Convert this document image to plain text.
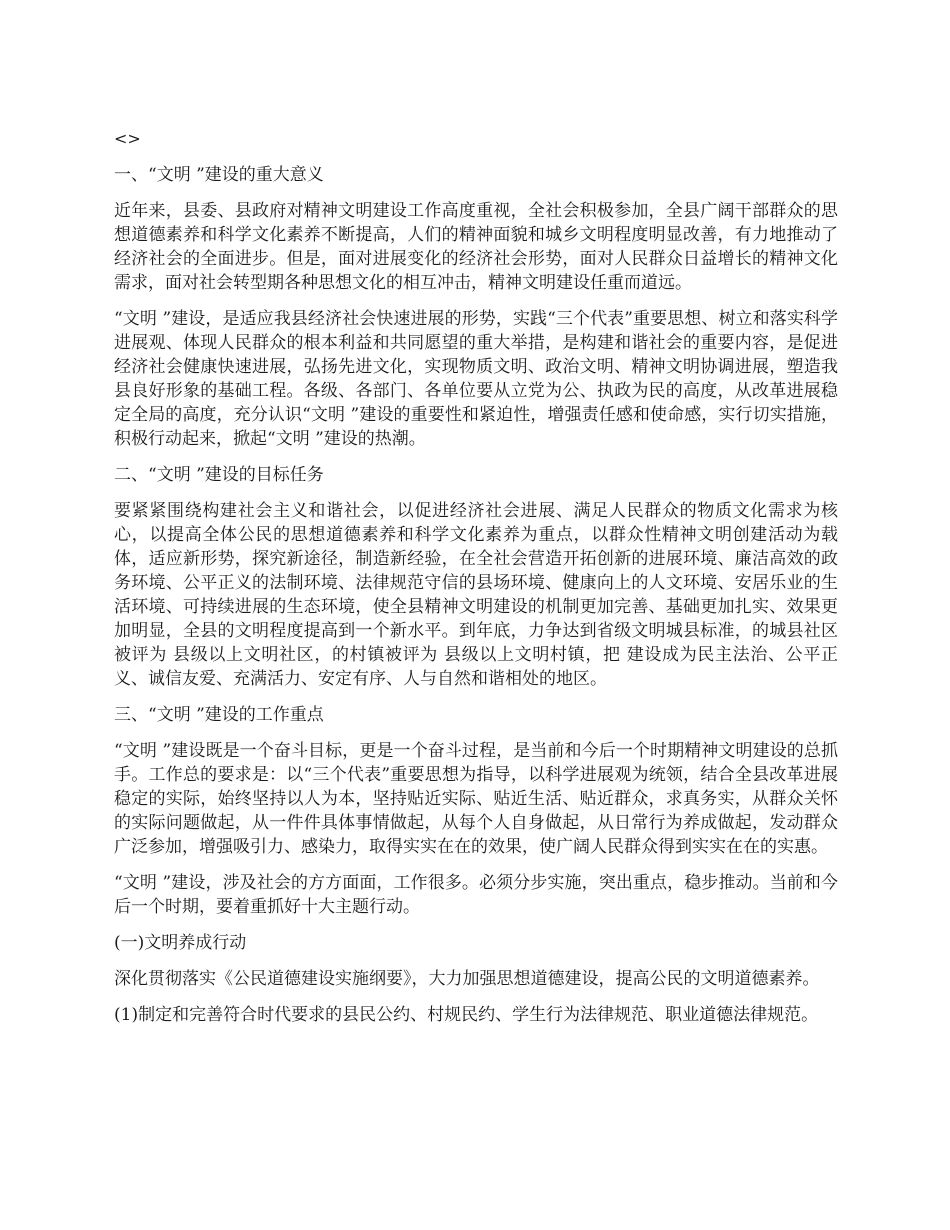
<>
一、“文明 ”建设的重大意义
近年来，县委、县政府对精神文明建设工作高度重视，全社会积极参加，全县广阔干部群众的思想道德素养和科学文化素养不断提高，人们的精神面貌和城乡文明程度明显改善，有力地推动了经济社会的全面进步。但是，面对进展变化的经济社会形势，面对人民群众日益增长的精神文化需求，面对社会转型期各种思想文化的相互冲击，精神文明建设任重而道远。
“文明 ”建设，是适应我县经济社会快速进展的形势，实践“三个代表”重要思想、树立和落实科学进展观、体现人民群众的根本利益和共同愿望的重大举措，是构建和谐社会的重要内容，是促进经济社会健康快速进展，弘扬先进文化，实现物质文明、政治文明、精神文明协调进展，塑造我县良好形象的基础工程。各级、各部门、各单位要从立党为公、执政为民的高度，从改革进展稳定全局的高度，充分认识“文明 ”建设的重要性和紧迫性，增强责任感和使命感，实行切实措施，积极行动起来，掀起“文明 ”建设的热潮。
二、“文明 ”建设的目标任务
要紧紧围绕构建社会主义和谐社会，以促进经济社会进展、满足人民群众的物质文化需求为核心，以提高全体公民的思想道德素养和科学文化素养为重点，以群众性精神文明创建活动为载体，适应新形势，探究新途径，制造新经验，在全社会营造开拓创新的进展环境、廉洁高效的政务环境、公平正义的法制环境、法律规范守信的县场环境、健康向上的人文环境、安居乐业的生活环境、可持续进展的生态环境，使全县精神文明建设的机制更加完善、基础更加扎实、效果更加明显，全县的文明程度提高到一个新水平。到年底，力争达到省级文明城县标准，的城县社区被评为 县级以上文明社区，的村镇被评为 县级以上文明村镇，把 建设成为民主法治、公平正义、诚信友爱、充满活力、安定有序、人与自然和谐相处的地区。
三、“文明 ”建设的工作重点
“文明 ”建设既是一个奋斗目标，更是一个奋斗过程，是当前和今后一个时期精神文明建设的总抓手。工作总的要求是：以“三个代表”重要思想为指导，以科学进展观为统领，结合全县改革进展稳定的实际，始终坚持以人为本，坚持贴近实际、贴近生活、贴近群众，求真务实，从群众关怀的实际问题做起，从一件件具体事情做起，从每个人自身做起，从日常行为养成做起，发动群众广泛参加，增强吸引力、感染力，取得实实在在的效果，使广阔人民群众得到实实在在的实惠。
“文明 ”建设，涉及社会的方方面面，工作很多。必须分步实施，突出重点，稳步推动。当前和今后一个时期，要着重抓好十大主题行动。
(一)文明养成行动
深化贯彻落实《公民道德建设实施纲要》，大力加强思想道德建设，提高公民的文明道德素养。
(1)制定和完善符合时代要求的县民公约、村规民约、学生行为法律规范、职业道德法律规范。
